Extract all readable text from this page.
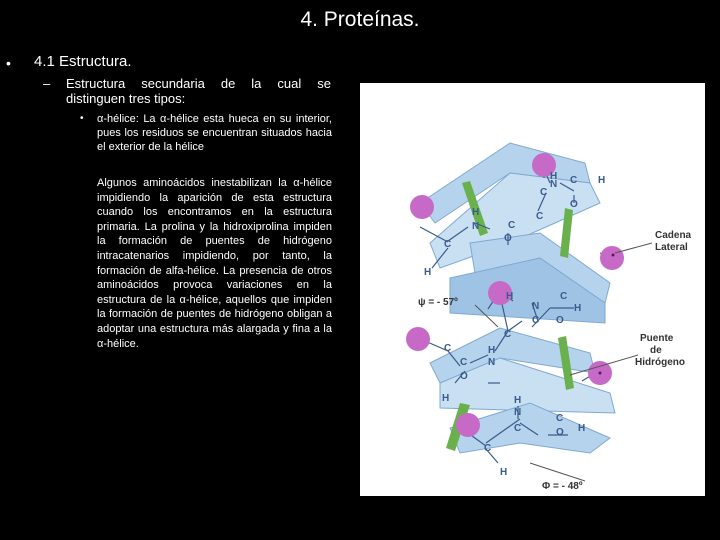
4. Proteínas.
• 4.1 Estructura.
– Estructura secundaria de la cual se distinguen tres tipos:
• α-hélice: La α-hélice esta hueca en su interior, pues los residuos se encuentran situados hacia el exterior de la hélice
Algunos aminoácidos inestabilizan la α-hélice impidiendo la aparición de esta estructura cuando los encontramos en la estructura primaria. La prolina y la hidroxiprolina impiden la formación de puentes de hidrógeno intracatenarios impidiendo, por tanto, la formación de alfa-hélice. La presencia de otros aminoácidos provoca variaciones en la estructura de la α-hélice, aquellos que impiden la formación de puentes de hidrógeno obligan a adoptar una estructura más alargada y fina a la α-hélice.
N
H C H
O
C
C
H
N	C
O
C
H
H
N
C
C
H
O
C
H
N
C
O
H
C
H
N
C
C
O H
C
H
Cadena
Lateral
Puente
de
Hidrógeno
ψ = - 57º
Φ = - 48º
